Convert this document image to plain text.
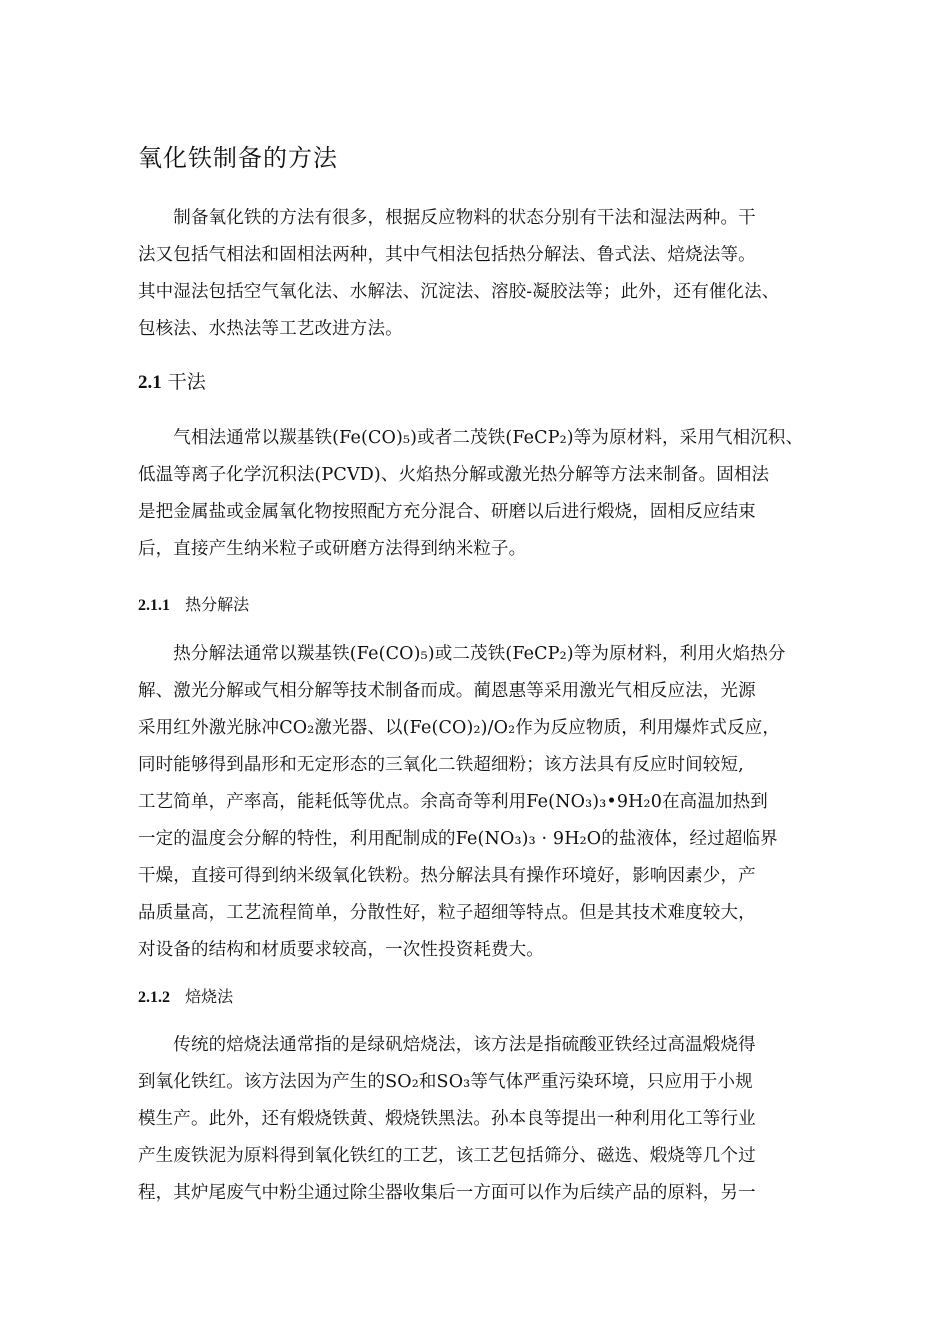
氧化铁制备的方法
　　制备氧化铁的方法有很多，根据反应物料的状态分别有干法和湿法两种。干
法又包括气相法和固相法两种，其中气相法包括热分解法、鲁式法、焙烧法等。
其中湿法包括空气氧化法、水解法、沉淀法、溶胶-凝胶法等；此外，还有催化法、
包核法、水热法等工艺改进方法。
2.1 干法
　　气相法通常以羰基铁(Fe(CO)₅)或者二茂铁(FeCP₂)等为原材料，采用气相沉积、
低温等离子化学沉积法(PCVD)、火焰热分解或激光热分解等方法来制备。固相法
是把金属盐或金属氧化物按照配方充分混合、研磨以后进行煅烧，固相反应结束
后，直接产生纳米粒子或研磨方法得到纳米粒子。
2.1.1 热分解法
　　热分解法通常以羰基铁(Fe(CO)₅)或二茂铁(FeCP₂)等为原材料，利用火焰热分
解、激光分解或气相分解等技术制备而成。蔺恩惠等采用激光气相反应法，光源
采用红外激光脉冲CO₂激光器、以(Fe(CO)₂)/O₂作为反应物质，利用爆炸式反应，
同时能够得到晶形和无定形态的三氧化二铁超细粉；该方法具有反应时间较短,
工艺简单，产率高，能耗低等优点。余高奇等利用Fe(NO₃)₃•9H₂0在高温加热到
一定的温度会分解的特性，利用配制成的Fe(NO₃)₃ · 9H₂O的盐液体，经过超临界
干燥，直接可得到纳米级氧化铁粉。热分解法具有操作环境好，影响因素少，产
品质量高，工艺流程简单，分散性好，粒子超细等特点。但是其技术难度较大，
对设备的结构和材质要求较高，一次性投资耗费大。
2.1.2 焙烧法
　　传统的焙烧法通常指的是绿矾焙烧法，该方法是指硫酸亚铁经过高温煅烧得
到氧化铁红。该方法因为产生的SO₂和SO₃等气体严重污染环境，只应用于小规
模生产。此外，还有煅烧铁黄、煅烧铁黑法。孙本良等提出一种利用化工等行业
产生废铁泥为原料得到氧化铁红的工艺，该工艺包括筛分、磁选、煅烧等几个过
程，其炉尾废气中粉尘通过除尘器收集后一方面可以作为后续产品的原料，另一
